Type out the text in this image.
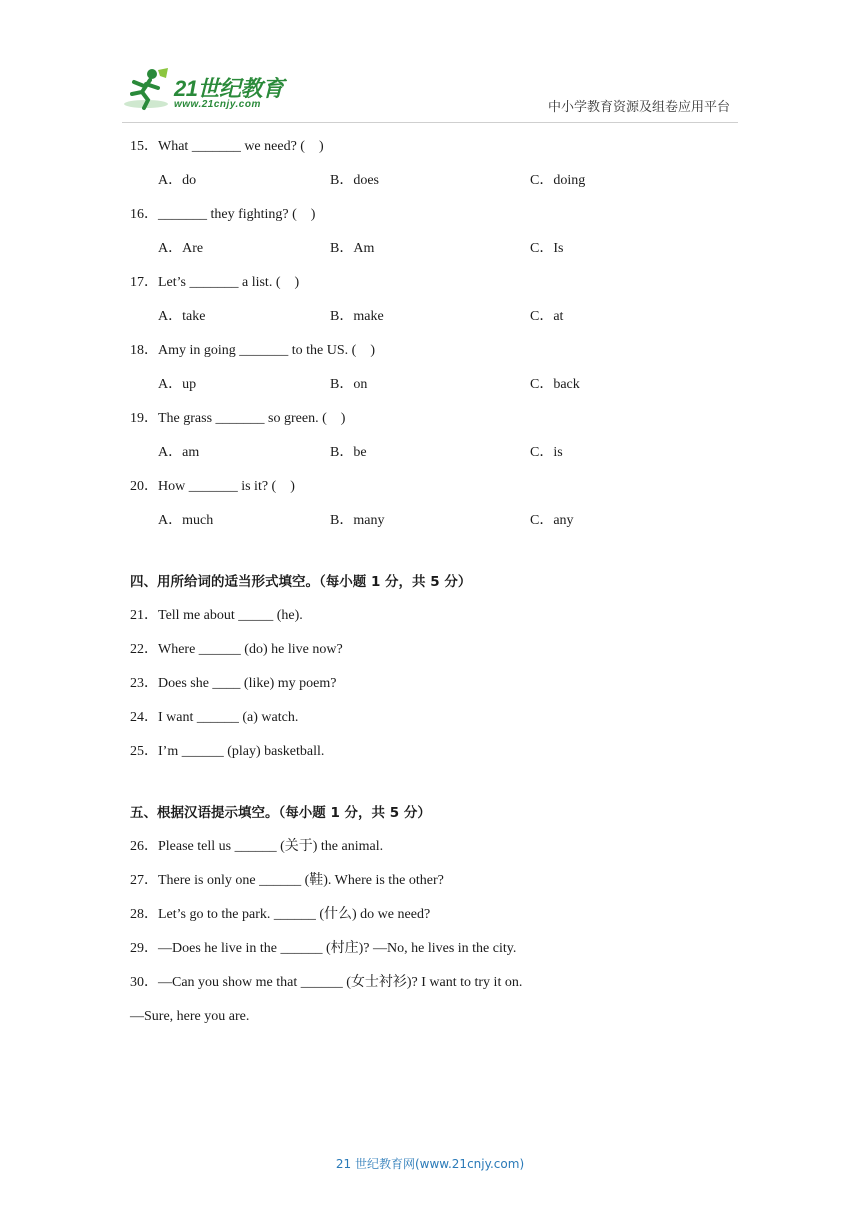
21世纪教育
www.21cnjy.com	中小学教育资源及组卷应用平台
15．What _______ we need? (　)
A．do	B．does	C．doing
16．_______ they fighting? (　)
A．Are	B．Am	C．Is
17．Let’s _______ a list. (　)
A．take	B．make	C．at
18．Amy in going _______ to the US. (　)
A．up	B．on	C．back
19．The grass _______ so green. (　)
A．am	B．be	C．is
20．How _______ is it? (　)
A．much	B．many	C．any
四、用所给词的适当形式填空。（每小题 1 分，共 5 分）
21．Tell me about _____ (he).
22．Where ______ (do) he live now?
23．Does she ____ (like) my poem?
24．I want ______ (a) watch.
25．I’m ______ (play) basketball.
五、根据汉语提示填空。（每小题 1 分，共 5 分）
26．Please tell us ______ (关于) the animal.
27．There is only one ______ (鞋). Where is the other?
28．Let’s go to the park. ______ (什么) do we need?
29．—Does he live in the ______ (村庄)? —No, he lives in the city.
30．—Can you show me that ______ (女士衬衫)? I want to try it on.
—Sure, here you are.
21 世纪教育网(www.21cnjy.com)
